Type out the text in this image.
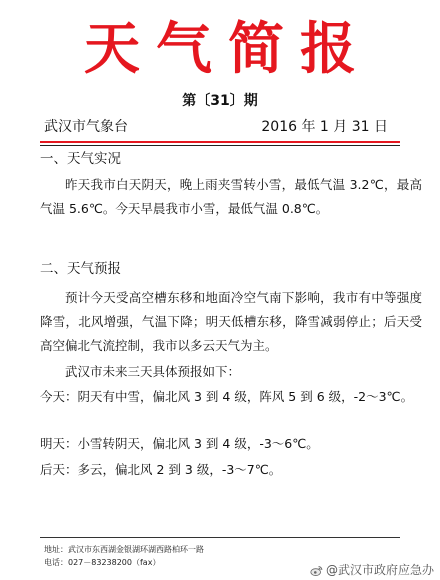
天气简报
第〔31〕期
武汉市气象台	2016 年 1 月 31 日
一、天气实况
昨天我市白天阴天，晚上雨夹雪转小雪，最低气温 3.2℃，最高气温 5.6℃。今天早晨我市小雪，最低气温 0.8℃。
二、天气预报
预计今天受高空槽东移和地面冷空气南下影响，我市有中等强度降雪，北风增强，气温下降；明天低槽东移，降雪减弱停止；后天受高空偏北气流控制，我市以多云天气为主。
武汉市未来三天具体预报如下：
今天： 阴天有中雪，偏北风 3 到 4 级，阵风 5 到 6 级，-2～3℃。
明天： 小雪转阴天，偏北风 3 到 4 级，-3～6℃。
后天： 多云，偏北风 2 到 3 级，-3～7℃。
地址：武汉市东西湖金银湖环湖西路柏环一路
电话：027－83238200（fax）
@武汉市政府应急办
